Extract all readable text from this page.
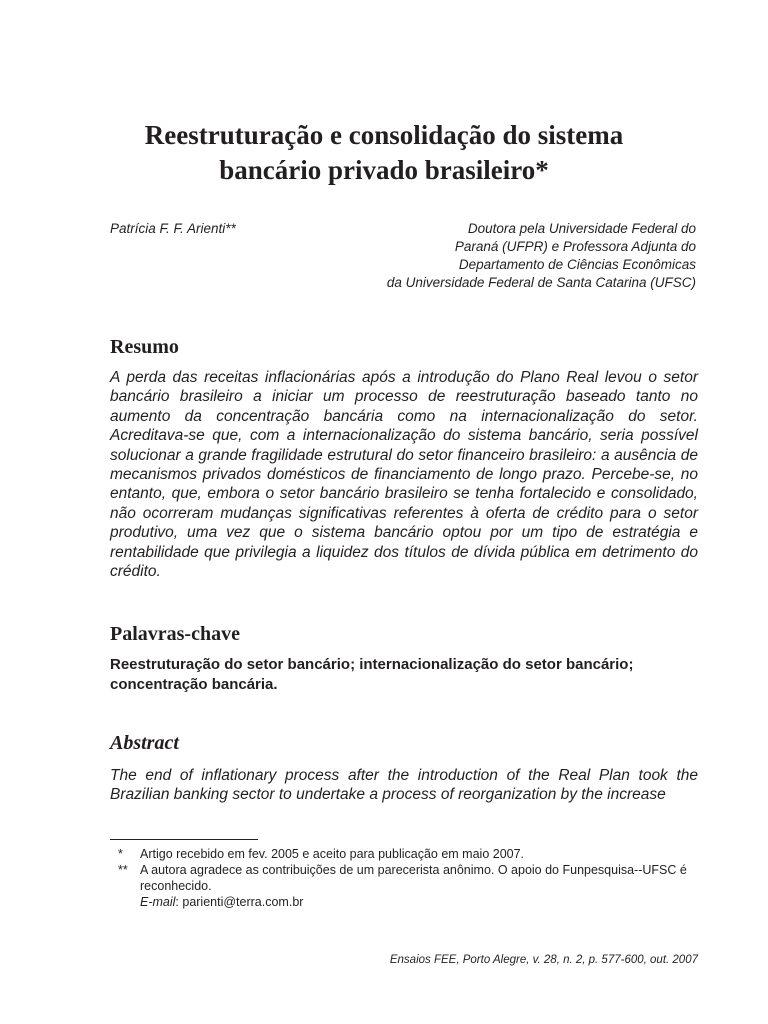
Reestruturação e consolidação do sistema
bancário privado brasileiro*

Patrícia F. F. Arienti**	Doutora pela Universidade Federal do
Paraná (UFPR) e Professora Adjunta do
Departamento de Ciências Econômicas
da Universidade Federal de Santa Catarina (UFSC)

Resumo

A perda das receitas inflacionárias após a introdução do Plano Real levou o setor bancário brasileiro a iniciar um processo de reestruturação baseado tanto no aumento da concentração bancária como na internacionalização do setor. Acreditava-se que, com a internacionalização do sistema bancário, seria possível solucionar a grande fragilidade estrutural do setor financeiro brasileiro: a ausência de mecanismos privados domésticos de financiamento de longo prazo. Percebe-se, no entanto, que, embora o setor bancário brasileiro se tenha fortalecido e consolidado, não ocorreram mudanças significativas referentes à oferta de crédito para o setor produtivo, uma vez que o sistema bancário optou por um tipo de estratégia e rentabilidade que privilegia a liquidez dos títulos de dívida pública em detrimento do crédito.

Palavras-chave

Reestruturação do setor bancário; internacionalização do setor bancário; concentração bancária.

Abstract

The end of inflationary process after the introduction of the Real Plan took the Brazilian banking sector to undertake a process of reorganization by the increase

* Artigo recebido em fev. 2005 e aceito para publicação em maio 2007.
** A autora agradece as contribuições de um parecerista anônimo. O apoio do Funpesquisa--UFSC é reconhecido.
E-mail: parienti@terra.com.br

Ensaios FEE, Porto Alegre, v. 28, n. 2, p. 577-600, out. 2007
